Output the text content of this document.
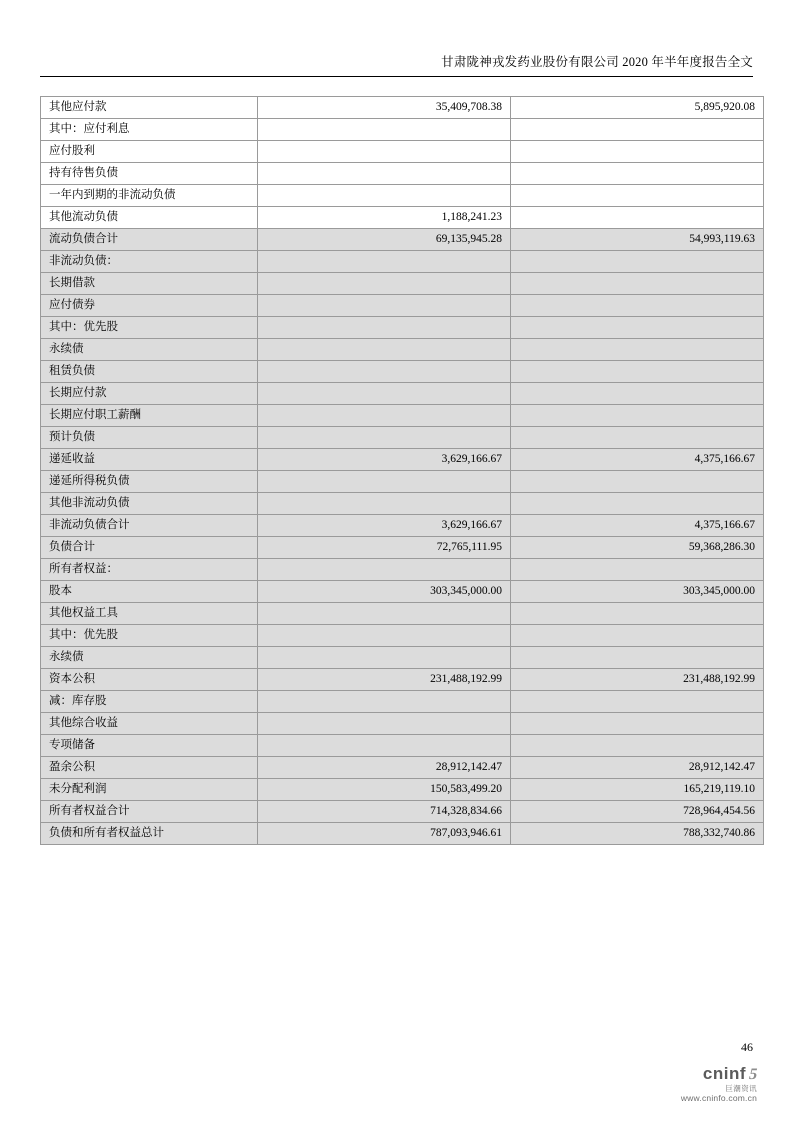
甘肃陇神戎发药业股份有限公司 2020 年半年度报告全文
其他应付款	35,409,708.38	5,895,920.08
其中：应付利息		
应付股利		
持有待售负债		
一年内到期的非流动负债		
其他流动负债	1,188,241.23	
流动负债合计	69,135,945.28	54,993,119.63
非流动负债：		
长期借款		
应付债券		
其中：优先股		
永续债		
租赁负债		
长期应付款		
长期应付职工薪酬		
预计负债		
递延收益	3,629,166.67	4,375,166.67
递延所得税负债		
其他非流动负债		
非流动负债合计	3,629,166.67	4,375,166.67
负债合计	72,765,111.95	59,368,286.30
所有者权益：		
股本	303,345,000.00	303,345,000.00
其他权益工具		
其中：优先股		
永续债		
资本公积	231,488,192.99	231,488,192.99
减：库存股		
其他综合收益		
专项储备		
盈余公积	28,912,142.47	28,912,142.47
未分配利润	150,583,499.20	165,219,119.10
所有者权益合计	714,328,834.66	728,964,454.56
负债和所有者权益总计	787,093,946.61	788,332,740.86
46
cninf5
巨潮资讯
www.cninfo.com.cn
